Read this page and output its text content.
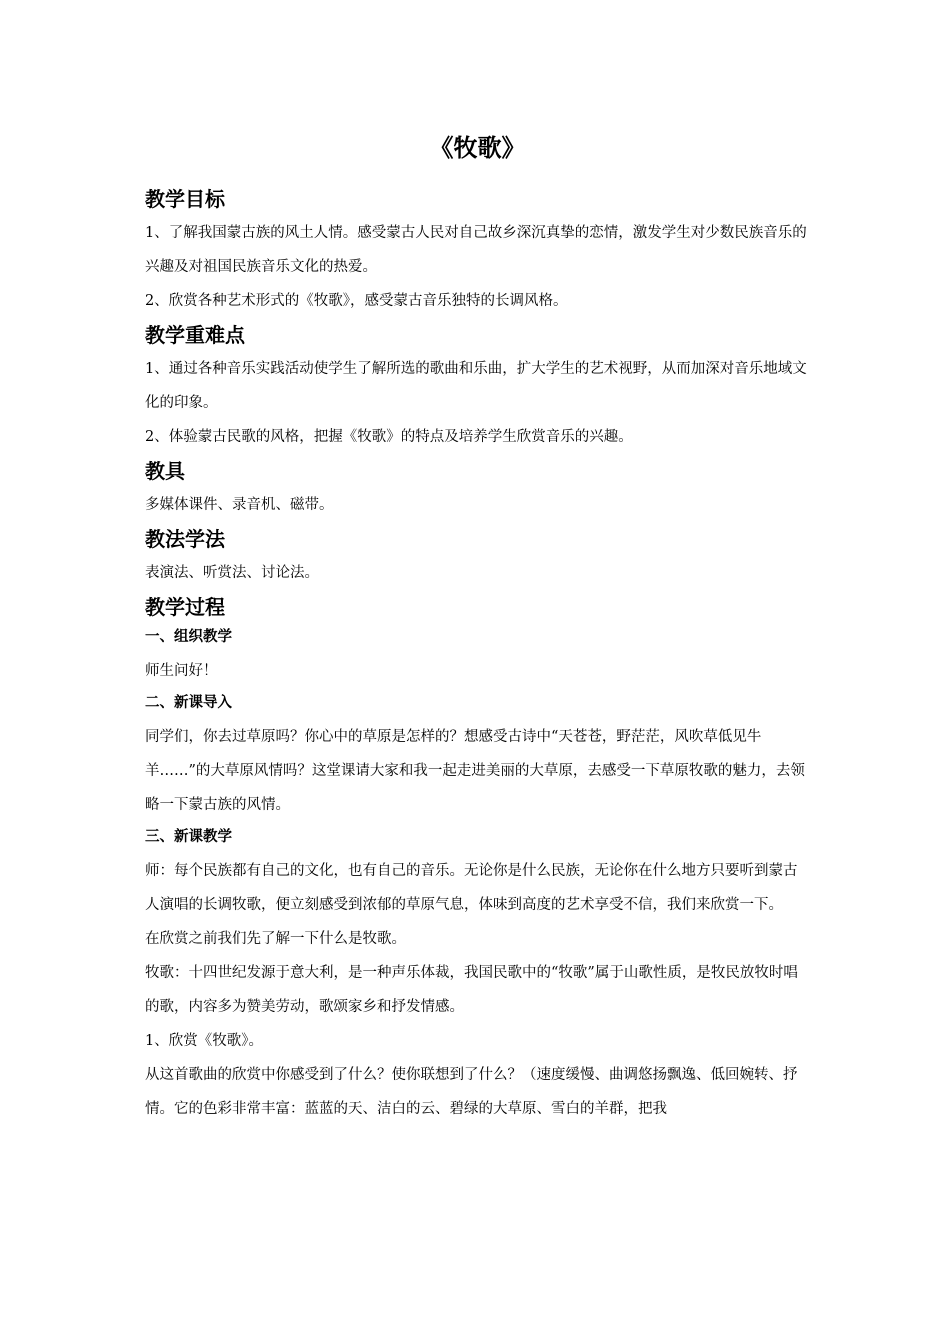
《牧歌》
教学目标

1、了解我国蒙古族的风土人情。感受蒙古人民对自己故乡深沉真挚的恋情，激发学生对少数民族音乐的兴趣及对祖国民族音乐文化的热爱。

2、欣赏各种艺术形式的《牧歌》，感受蒙古音乐独特的长调风格。

教学重难点

1、通过各种音乐实践活动使学生了解所选的歌曲和乐曲，扩大学生的艺术视野，从而加深对音乐地域文化的印象。

2、体验蒙古民歌的风格，把握《牧歌》的特点及培养学生欣赏音乐的兴趣。

教具

多媒体课件、录音机、磁带。

教法学法

表演法、听赏法、讨论法。

教学过程
一、组织教学

师生问好！

二、新课导入

同学们，你去过草原吗？你心中的草原是怎样的？想感受古诗中“天苍苍，野茫茫，风吹草低见牛羊……”的大草原风情吗？这堂课请大家和我一起走进美丽的大草原，去感受一下草原牧歌的魅力，去领略一下蒙古族的风情。

三、新课教学

师：每个民族都有自己的文化，也有自己的音乐。无论你是什么民族，无论你在什么地方只要听到蒙古人演唱的长调牧歌，便立刻感受到浓郁的草原气息，体味到高度的艺术享受不信，我们来欣赏一下。

在欣赏之前我们先了解一下什么是牧歌。

牧歌：十四世纪发源于意大利，是一种声乐体裁，我国民歌中的“牧歌”属于山歌性质，是牧民放牧时唱的歌，内容多为赞美劳动，歌颂家乡和抒发情感。

1、欣赏《牧歌》。

从这首歌曲的欣赏中你感受到了什么？使你联想到了什么？（速度缓慢、曲调悠扬飘逸、低回婉转、抒情。它的色彩非常丰富：蓝蓝的天、洁白的云、碧绿的大草原、雪白的羊群，把我
